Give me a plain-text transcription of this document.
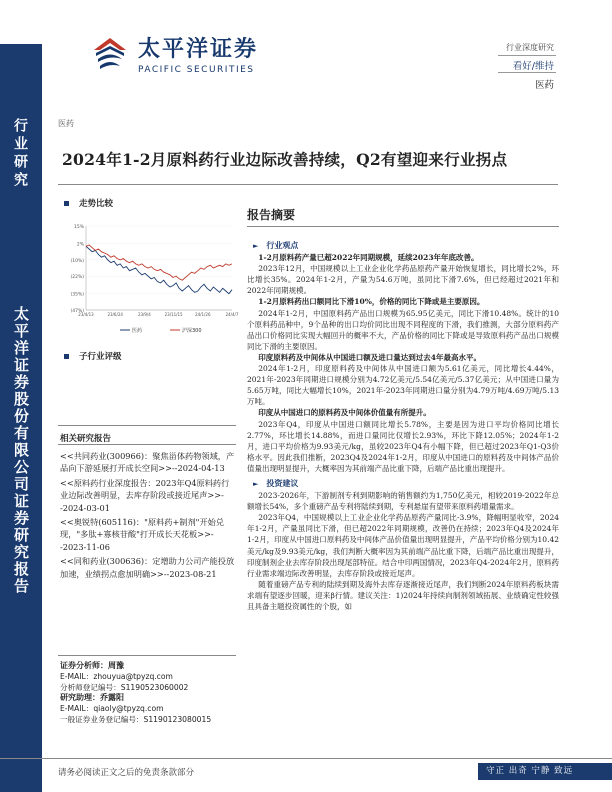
行业研究
太平洋证券股份有限公司证券研究报告
太平洋证券
PACIFIC SECURITIES
行业深度研究
看好/维持
医药
医药
2024年1-2月原料药行业边际改善持续，Q2有望迎来行业拐点
走势比较
15%
2%
(10%)
(22%)
(35%)
(47%)
23/4/13	23/6/24	23/9/4	23/11/15	24/1/26	24/4/7
医药	沪深300
子行业评级
相关研究报告

<<共同药业(300966)：聚焦甾体药物领域，产品向下游延展打开成长空间>>--2024-04-13

<<原料药行业深度报告：2023年Q4原料药行业边际改善明显，去库存阶段或接近尾声>>--2024-03-01

<<奥锐特(605116)："原料药+制剂"开始兑现，"多肽+寡核苷酸"打开成长天花板>>--2023-11-06

<<同和药业(300636)：定增助力公司产能投放加速，业绩拐点愈加明确>>--2023-08-21

证券分析师：周豫
E-MAIL：zhouyua@tpyzq.com
分析师登记编号：S1190523060002
研究助理：乔露阳
E-MAIL：qiaoly@tpyzq.com
一般证券业务登记编号：S1190123080015
报告摘要
► 行业观点

1-2月原料药产量已超2022年同期规模，延续2023年年底改善。

2023年12月，中国规模以上工业企业化学药品原药产量开始恢复增长，同比增长2%，环比增长35%。2024年1-2月，产量为54.6万吨，虽同比下滑7.6%，但已经超过2021年和2022年同期规模。

1-2月原料药出口额同比下滑10%，价格的同比下降或是主要原因。

2024年1-2月，中国原料药产品出口规模为65.95亿美元，同比下滑10.48%。统计的10个原料药品种中，9个品种的出口均价同比出现不同程度的下滑，我们推测，大部分原料药产品出口价格同比实现大幅回升的概率不大，产品价格的同比下降或是导致原料药产品出口规模同比下滑的主要原因。

印度原料药及中间体从中国进口额及进口量达到过去4年最高水平。

2024年1-2月，印度原料药及中间体从中国进口额为5.61亿美元，同比增长4.44%，2021年-2023年同期进口规模分别为4.72亿美元/5.54亿美元/5.37亿美元；从中国进口量为5.65万吨，同比大幅增长10%，2021年-2023年同期进口量分别为4.79万吨/4.69万吨/5.13万吨。

印度从中国进口的原料药及中间体价值量有所提升。

2023年Q4，印度从中国进口额同比增长5.78%，主要是因为进口平均价格同比增长2.77%，环比增长14.88%，而进口量同比仅增长2.93%，环比下降12.05%；2024年1-2月，进口平均价格为9.93美元/kg，虽较2023年Q4有小幅下降，但已超过2023年Q1-Q3价格水平。因此我们推断，2023Q4及2024年1-2月，印度从中国进口的原料药及中间体产品价值量出现明显提升，大概率因为其前端产品比重下降，后端产品比重出现提升。

► 投资建议

2023-2026年，下游制剂专利到期影响的销售额约为1,750亿美元，相较2019-2022年总额增长54%，多个重磅产品专利将陆续到期，专利悬崖有望带来原料药增量需求。

2023年Q4，中国规模以上工业企业化学药品原药产量同比-3.9%，降幅明显收窄，2024年1-2月，产量虽同比下滑，但已超2022年同期规模，改善仍在持续；2023年Q4及2024年1-2月，印度从中国进口原料药及中间体产品价值量出现明显提升，产品平均价格分别为10.42美元/kg及9.93美元/kg，我们判断大概率因为其前端产品比重下降，后端产品比重出现提升，印度制剂企业去库存阶段出现尾部特征。结合中印两国情况，2023年Q4-2024年2月，原料药行业需求端边际改善明显，去库存阶段或接近尾声。

随着重磅产品专利的陆续到期及海外去库存逐渐接近尾声，我们判断2024年原料药板块需求端有望逐步回暖，迎来β行情。建议关注：1)2024年持续向制剂领域拓展、业绩确定性较强且具备主题投资属性的个股，如

请务必阅读正文之后的免责条款部分	守正 出奇 宁静 致远
